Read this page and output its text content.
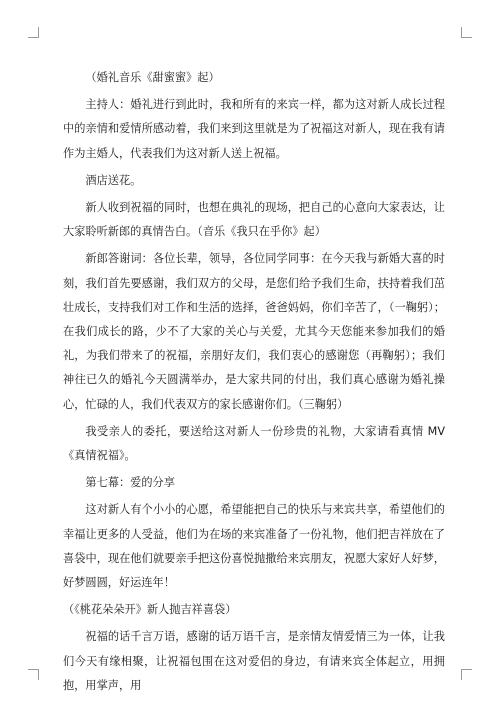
（婚礼音乐《甜蜜蜜》起）

主持人：婚礼进行到此时，我和所有的来宾一样，都为这对新人成长过程中的亲情和爱情所感动着，我们来到这里就是为了祝福这对新人，现在我有请作为主婚人，代表我们为这对新人送上祝福。

酒店送花。

新人收到祝福的同时，也想在典礼的现场，把自己的心意向大家表达，让大家聆听新郎的真情告白。（音乐《我只在乎你》起）

新郎答谢词：各位长辈，领导，各位同学同事：在今天我与新婚大喜的时刻，我们首先要感谢，我们双方的父母，是您们给予我们生命，扶持着我们茁壮成长，支持我们对工作和生活的选择，爸爸妈妈，你们辛苦了，（一鞠躬）；在我们成长的路，少不了大家的关心与关爱，尤其今天您能来参加我们的婚礼，为我们带来了的祝福，亲朋好友们，我们衷心的感谢您（再鞠躬）；我们神往已久的婚礼今天圆满举办，是大家共同的付出，我们真心感谢为婚礼操心，忙碌的人，我们代表双方的家长感谢你们。（三鞠躬）

我受亲人的委托，要送给这对新人一份珍贵的礼物，大家请看真情 MV《真情祝福》。

第七幕：爱的分享

这对新人有个小小的心愿，希望能把自己的快乐与来宾共享，希望他们的幸福让更多的人受益，他们为在场的来宾准备了一份礼物，他们把吉祥放在了喜袋中，现在他们就要亲手把这份喜悦抛撒给来宾朋友，祝愿大家好人好梦，好梦圆圆，好运连年！

（《桃花朵朵开》新人抛吉祥喜袋）

祝福的话千言万语，感谢的话万语千言，是亲情友情爱情三为一体，让我们今天有缘相聚，让祝福包围在这对爱侣的身边，有请来宾全体起立，用拥抱，用掌声，用
